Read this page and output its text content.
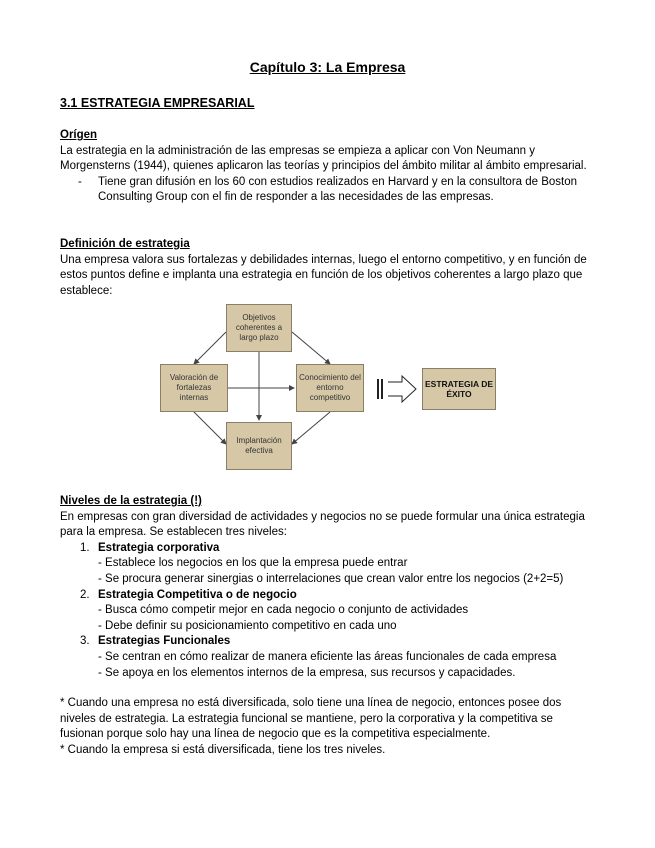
Capítulo 3: La Empresa
3.1 ESTRATEGIA EMPRESARIAL
Orígen

La estrategia en la administración de las empresas se empieza a aplicar con Von Neumann y Morgensterns (1944), quienes aplicaron las teorías y principios del ámbito militar al ámbito empresarial.

- Tiene gran difusión en los 60 con estudios realizados en Harvard y en la consultora de Boston Consulting Group con el fin de responder a las necesidades de las empresas.
Definición de estrategia

Una empresa valora sus fortalezas y debilidades internas, luego el entorno competitivo, y en función de estos puntos define e implanta una estrategia en función de los objetivos coherentes a largo plazo que establece:

Objetivos coherentes a largo plazo
Valoración de fortalezas internas
Conocimiento del entorno competitivo
Implantación efectiva
ESTRATEGIA DE ÉXITO
Niveles de la estrategia (!)

En empresas con gran diversidad de actividades y negocios no se puede formular una única estrategia para la empresa. Se establecen tres niveles:

1. Estrategia corporativa
- Establece los negocios en los que la empresa puede entrar
- Se procura generar sinergias o interrelaciones que crean valor entre los negocios (2+2=5)
2. Estrategia Competitiva o de negocio
- Busca cómo competir mejor en cada negocio o conjunto de actividades
- Debe definir su posicionamiento competitivo en cada uno
3. Estrategias Funcionales
- Se centran en cómo realizar de manera eficiente las áreas funcionales de cada empresa
- Se apoya en los elementos internos de la empresa, sus recursos y capacidades.

* Cuando una empresa no está diversificada, solo tiene una línea de negocio, entonces posee dos niveles de estrategia. La estrategia funcional se mantiene, pero la corporativa y la competitiva se fusionan porque solo hay una línea de negocio que es la competitiva especialmente.

* Cuando la empresa si está diversificada, tiene los tres niveles.
